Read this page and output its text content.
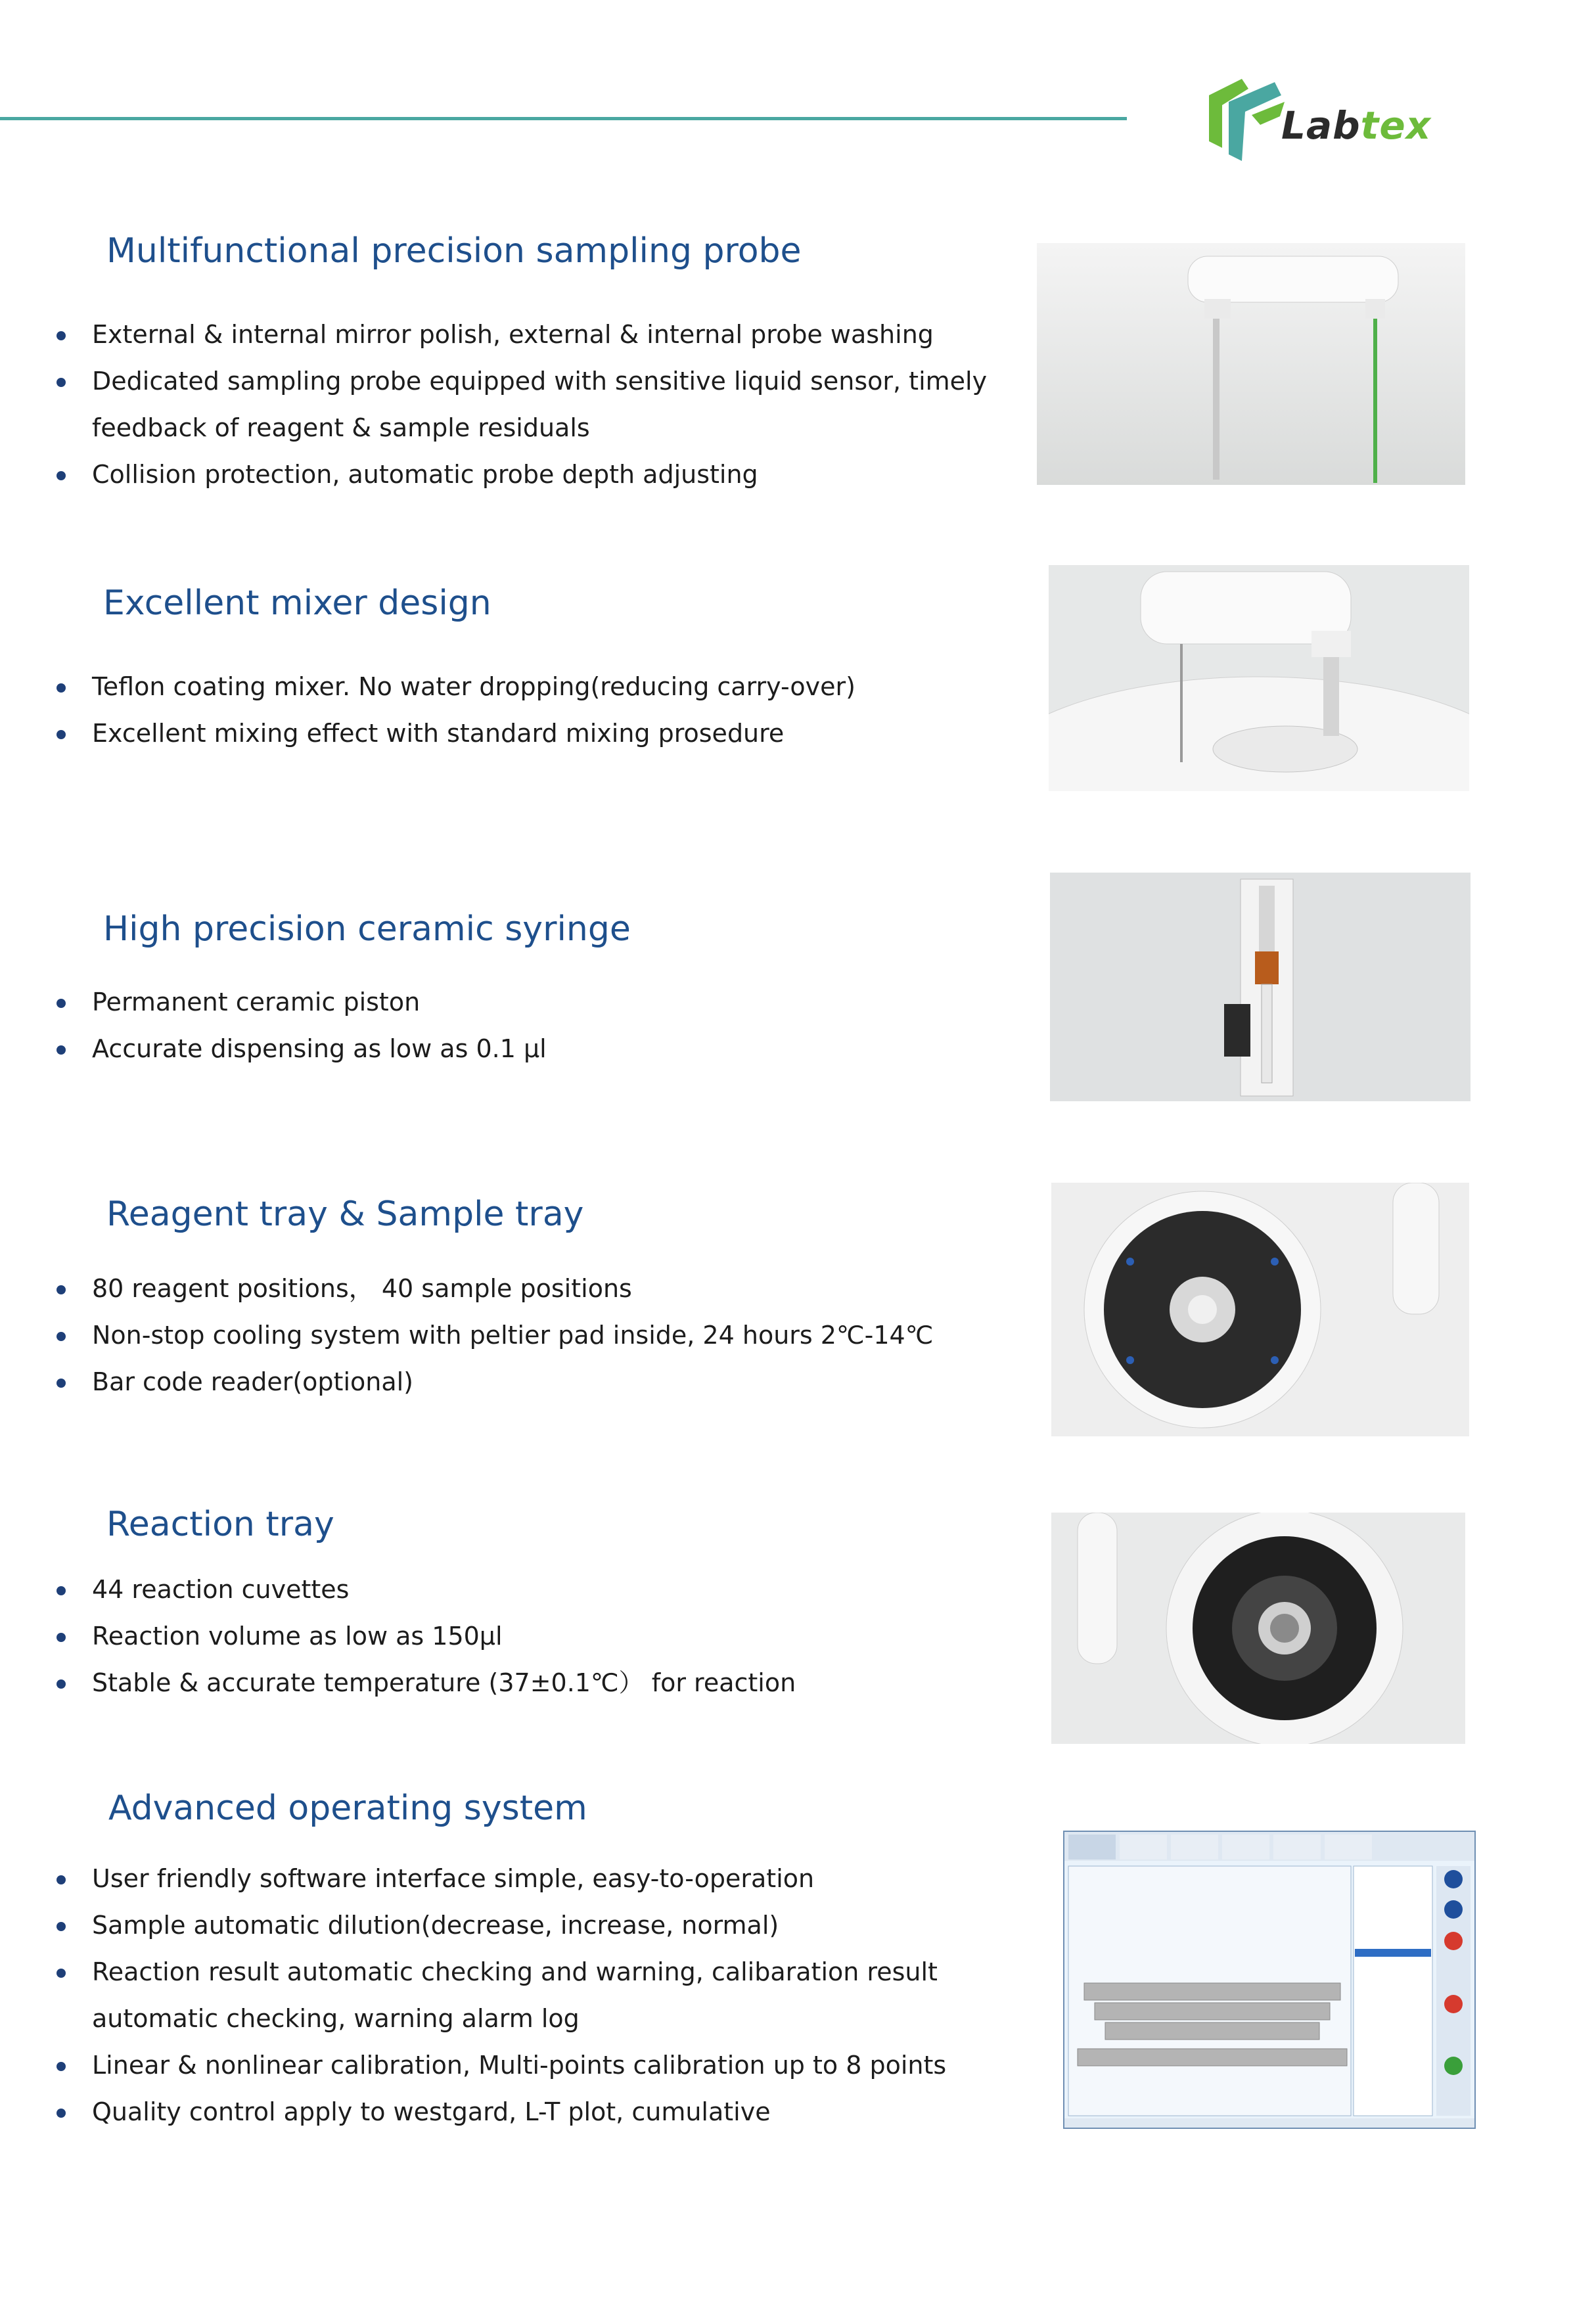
Labtex
Multifunctional precision sampling probe
External & internal mirror polish, external & internal probe washing
Dedicated sampling probe equipped with sensitive liquid sensor, timely feedback of reagent & sample residuals
Collision protection, automatic probe depth adjusting
Excellent mixer design
Teflon coating mixer. No water dropping(reducing carry-over)
Excellent mixing effect with standard mixing prosedure
High precision ceramic syringe
Permanent ceramic piston
Accurate dispensing as low as 0.1 µl
Reagent tray & Sample tray
80 reagent positions， 40 sample positions
Non-stop cooling system with peltier pad inside, 24 hours 2℃-14℃
Bar code reader(optional)
Reaction tray
44 reaction cuvettes
Reaction volume as low as 150µl
Stable & accurate temperature (37±0.1℃） for reaction
Advanced operating system
User friendly software interface simple, easy-to-operation
Sample automatic dilution(decrease, increase, normal)
Reaction result automatic checking and warning, calibaration result automatic checking, warning alarm log
Linear & nonlinear calibration, Multi-points calibration up to 8 points
Quality control apply to westgard, L-T plot, cumulative
